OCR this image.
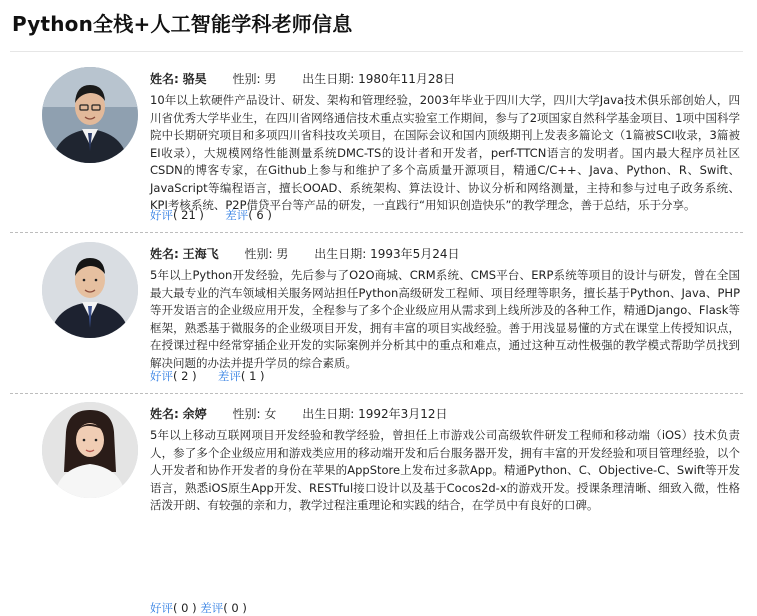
Python全栈+人工智能学科老师信息
姓名: 骆昊 性别: 男 出生日期: 1980年11月28日
10年以上软硬件产品设计、研发、架构和管理经验，2003年毕业于四川大学，四川大学Java技术俱乐部创始人，四川省优秀大学毕业生，在四川省网络通信技术重点实验室工作期间，参与了2项国家自然科学基金项目、1项中国科学院中长期研究项目和多项四川省科技攻关项目，在国际会议和国内顶级期刊上发表多篇论文（1篇被SCI收录，3篇被EI收录），大规模网络性能测量系统DMC-TS的设计者和开发者，perf-TTCN语言的发明者。国内最大程序员社区CSDN的博客专家，在Github上参与和维护了多个高质量开源项目，精通C/C++、Java、Python、R、Swift、JavaScript等编程语言，擅长OOAD、系统架构、算法设计、协议分析和网络测量，主持和参与过电子政务系统、KPI考核系统、P2P借贷平台等产品的研发，一直践行“用知识创造快乐”的教学理念，善于总结，乐于分享。
好评( 21 ) 差评( 6 )
姓名: 王海飞 性别: 男 出生日期: 1993年5月24日
5年以上Python开发经验，先后参与了O2O商城、CRM系统、CMS平台、ERP系统等项目的设计与研发，曾在全国最大最专业的汽车领域相关服务网站担任Python高级研发工程师、项目经理等职务，擅长基于Python、Java、PHP等开发语言的企业级应用开发，全程参与了多个企业级应用从需求到上线所涉及的各种工作，精通Django、Flask等框架，熟悉基于微服务的企业级项目开发，拥有丰富的项目实战经验。善于用浅显易懂的方式在课堂上传授知识点，在授课过程中经常穿插企业开发的实际案例并分析其中的重点和难点，通过这种互动性极强的教学模式帮助学员找到解决问题的办法并提升学员的综合素质。
好评( 2 ) 差评( 1 )
姓名: 余婷 性别: 女 出生日期: 1992年3月12日
5年以上移动互联网项目开发经验和教学经验，曾担任上市游戏公司高级软件研发工程师和移动端（iOS）技术负责人，参了多个企业级应用和游戏类应用的移动端开发和后台服务器开发，拥有丰富的开发经验和项目管理经验，以个人开发者和协作开发者的身份在苹果的AppStore上发布过多款App。精通Python、C、Objective-C、Swift等开发语言，熟悉iOS原生App开发、RESTful接口设计以及基于Cocos2d-x的游戏开发。授课条理清晰、细致入微，性格活泼开朗、有较强的亲和力，教学过程注重理论和实践的结合，在学员中有良好的口碑。
好评( 0 ) 差评( 0 )
